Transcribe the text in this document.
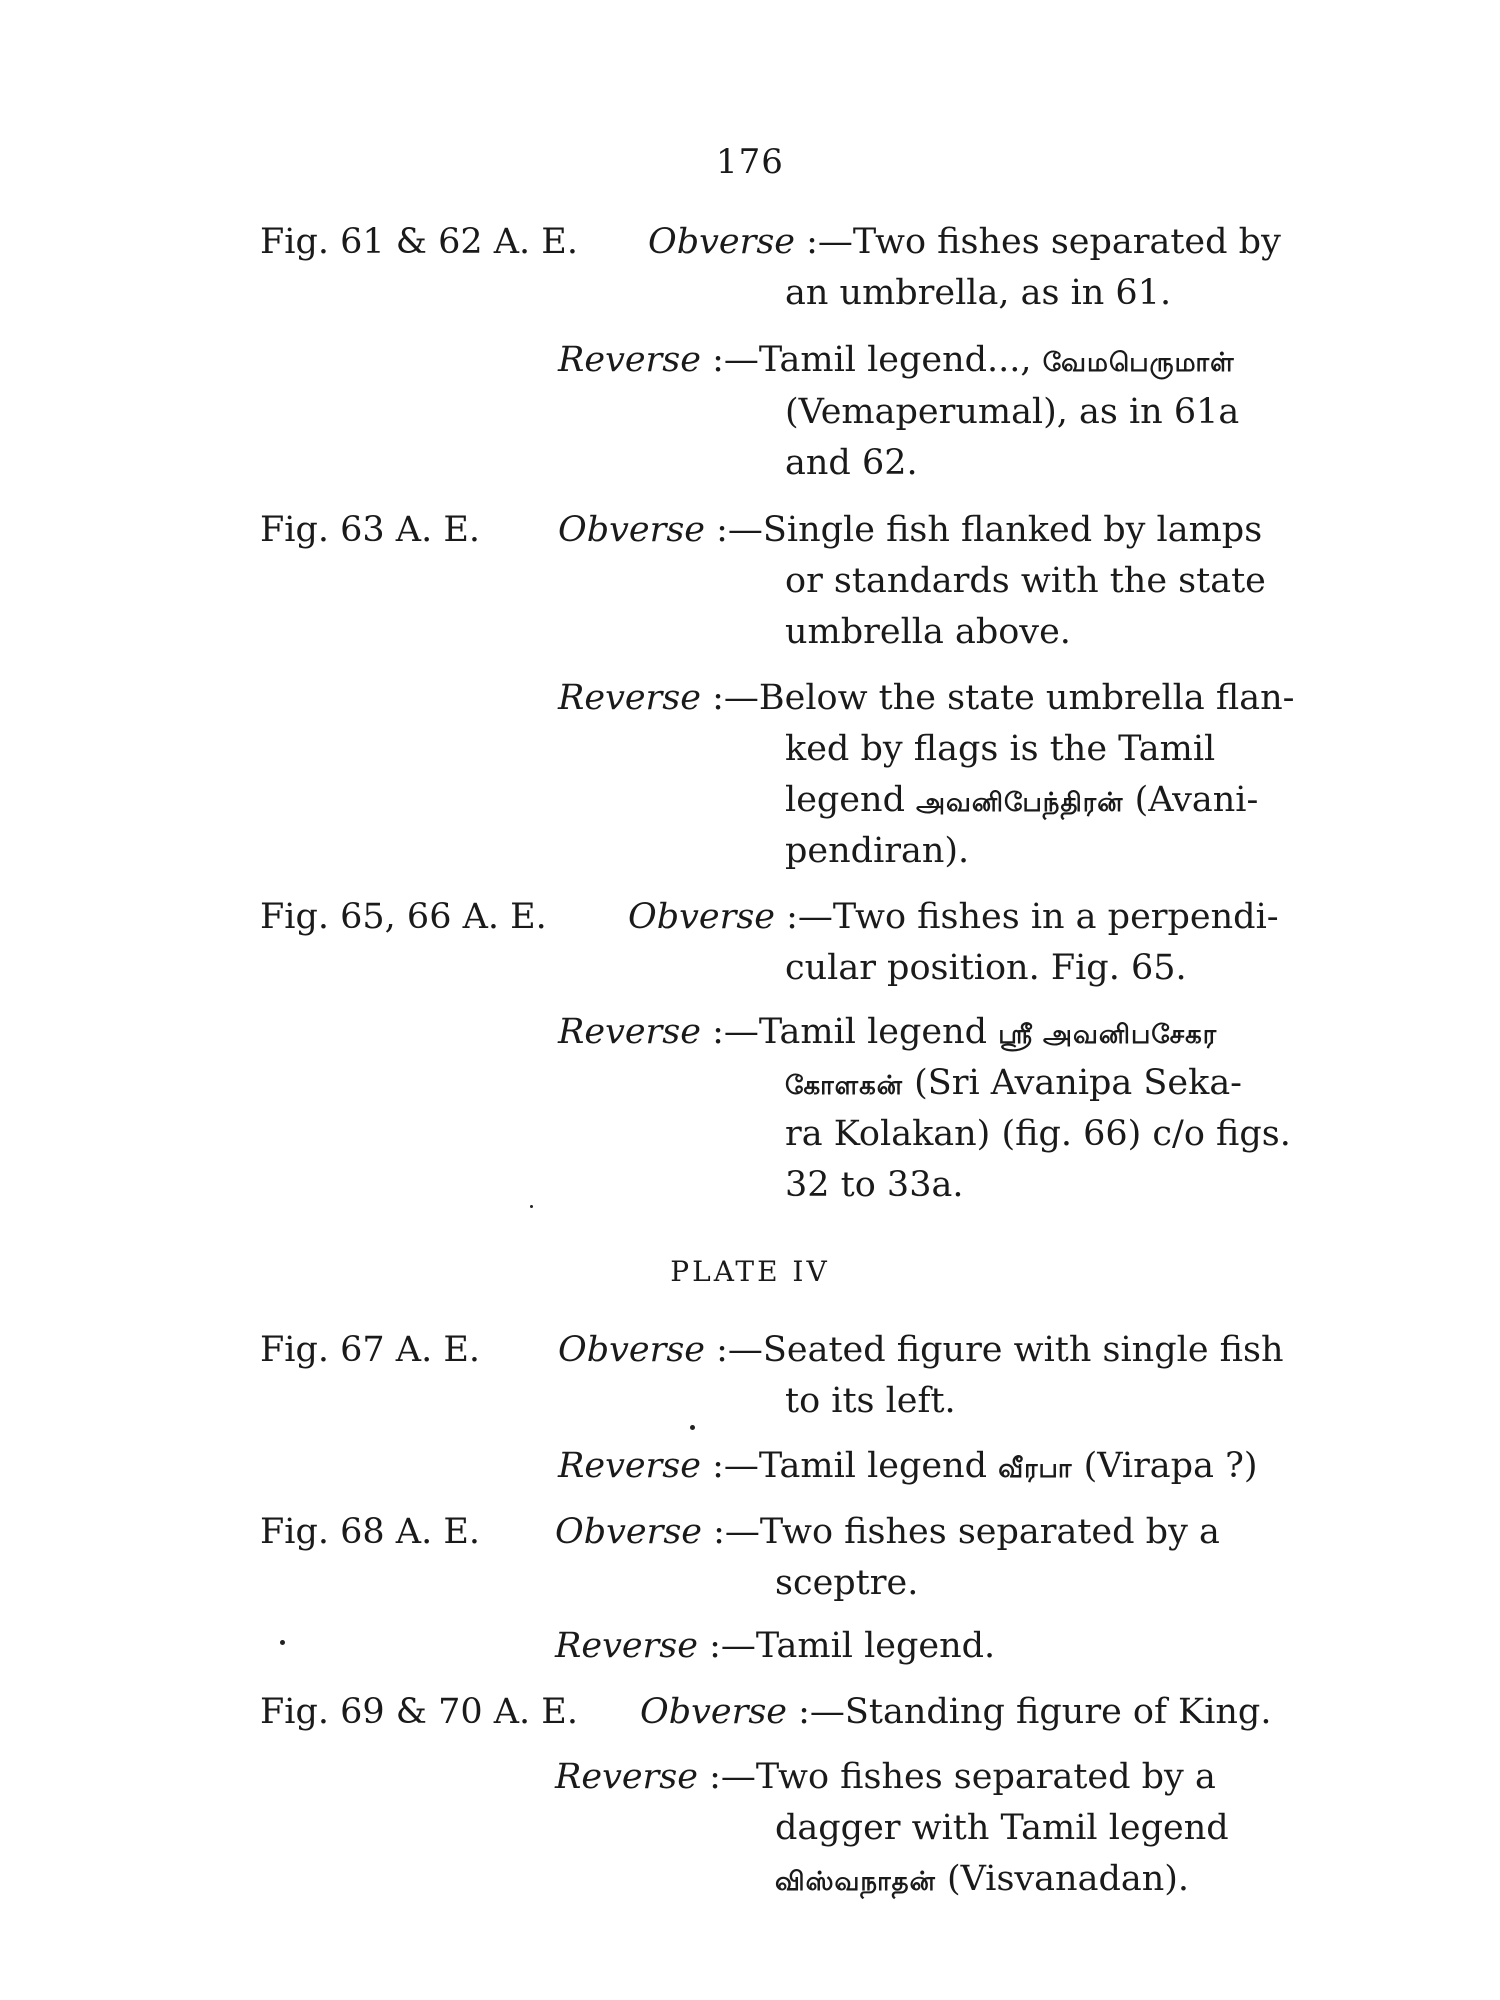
176
Fig. 61 & 62 A. E. Obverse :—Two fishes separated by
an umbrella, as in 61.
Reverse :—Tamil legend..., வேமபெருமாள்
(Vemaperumal), as in 61a
and 62.
Fig. 63 A. E. Obverse :—Single fish flanked by lamps
or standards with the state
umbrella above.
Reverse :—Below the state umbrella flan-
ked by flags is the Tamil
legend அவனிபேந்திரன் (Avani-
pendiran).
Fig. 65, 66 A. E. Obverse :—Two fishes in a perpendi-
cular position. Fig. 65.
Reverse :—Tamil legend ஸ்ரீ அவனிபசேகர
கோளகன் (Sri Avanipa Seka-
ra Kolakan) (fig. 66) c/o figs.
32 to 33a.
PLATE IV
Fig. 67 A. E. Obverse :—Seated figure with single fish
to its left.
Reverse :—Tamil legend வீரபா (Virapa ?)
Fig. 68 A. E. Obverse :—Two fishes separated by a
sceptre.
Reverse :—Tamil legend.
Fig. 69 & 70 A. E. Obverse :—Standing figure of King.
Reverse :—Two fishes separated by a
dagger with Tamil legend
விஸ்வநாதன் (Visvanadan).
